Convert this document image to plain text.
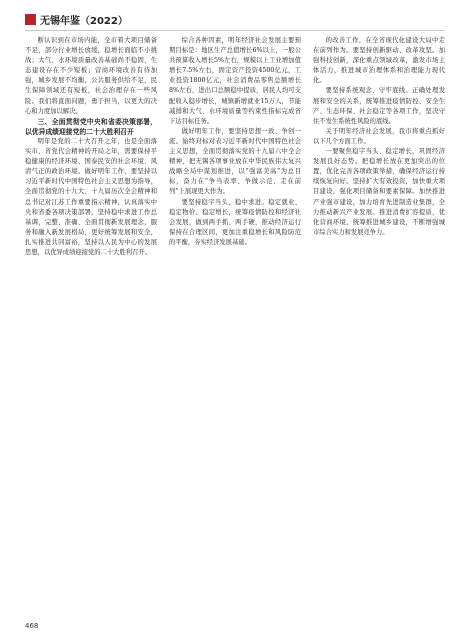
无锡年鉴（2022）

断认识到在市场内能，全市着大项目储备不足，部分行业增长放缓，稳增长面临不小挑战；大气、水环境质量改善基础尚不稳固，生态建设存在不少短板；营商环境改善有待加强，城乡发展不均衡，公共服务供给不足，民生保障领域还有短板，社会治理存在一些风险。我们将直面问题，勇于担当，以更大的决心和力度加以解决。

三、全面贯彻党中央和省委决策部署，以优异成绩迎接党的二十大胜利召开

明年是党的二十大召开之年，也是全面落实市、省党代会精神的开局之年，需要保持平稳健康的经济环境、国泰民安的社会环境、风清气正的政治环境。做好明年工作，要坚持以习近平新时代中国特色社会主义思想为指导，全面贯彻党的十九大、十九届历次全会精神和总书记对江苏工作重要指示精神，认真落实中央和省委各项决策部署，坚持稳中求进工作总基调，完整、准确、全面贯彻新发展理念，服务和融入新发展格局，更好统筹发展和安全，扎实推进共同富裕，坚持以人民为中心的发展思想，以优异成绩迎接党的二十大胜利召开。

综合各种因素，明年经济社会发展主要预期目标是：地区生产总值增长6%以上，一般公共预算收入增长5%左右，规模以上工业增加值增长7.5%左右，固定资产投资4500亿元，工业投资1800亿元，社会消费品零售总额增长8%左右，进出口总额稳中提质，居民人均可支配收入稳步增长，城镇新增就业15万人，节能减排和大气、水环境质量等约束性指标完成省下达目标任务。

做好明年工作，要坚持思想一致、争创一流。始终对标对表习近平新时代中国特色社会主义思想，全面贯彻落实党的十九届六中全会精神，把无锡各项事业放在中华民族伟大复兴战略全局中谋划推进，以“强富美高”为总目标，奋力在“争当表率、争做示范、走在前列”上展现更大作为。

要坚持稳字当头、稳中求进。稳定就业、稳定物价、稳定增长，统筹疫情防控和经济社会发展，做到两手抓、两手硬，推动经济运行保持在合理区间，更加注重稳增长和风险防范的平衡，夯实经济发展基础。

的改善工作，在全省现代化建设大局中走在前列作为。要坚持创新驱动、改革攻坚。加强科技创新，深化重点领域改革，激发市场主体活力，推进城市治理体系和治理能力现代化。

要坚持系统观念、守牢底线。正确处理发展和安全的关系，统筹推进疫情防控、安全生产、生态环保、社会稳定等各项工作，坚决守住不发生系统性风险的底线。

关于明年经济社会发展，我市将重点抓好以下几个方面工作。

一要聚焦稳字当头、稳定增长，巩固经济发展良好态势。把稳增长放在更加突出的位置，优化完善各项政策举措，确保经济运行持续恢复向好。坚持扩大有效投资，加快重大项目建设，强化项目储备和要素保障。加快推进产业强市建设，加力培育先进制造业集群，全力推动新兴产业发展。推进消费扩容提质，优化营商环境，统筹推进城乡建设，不断增强城市综合实力和发展竞争力。

468
